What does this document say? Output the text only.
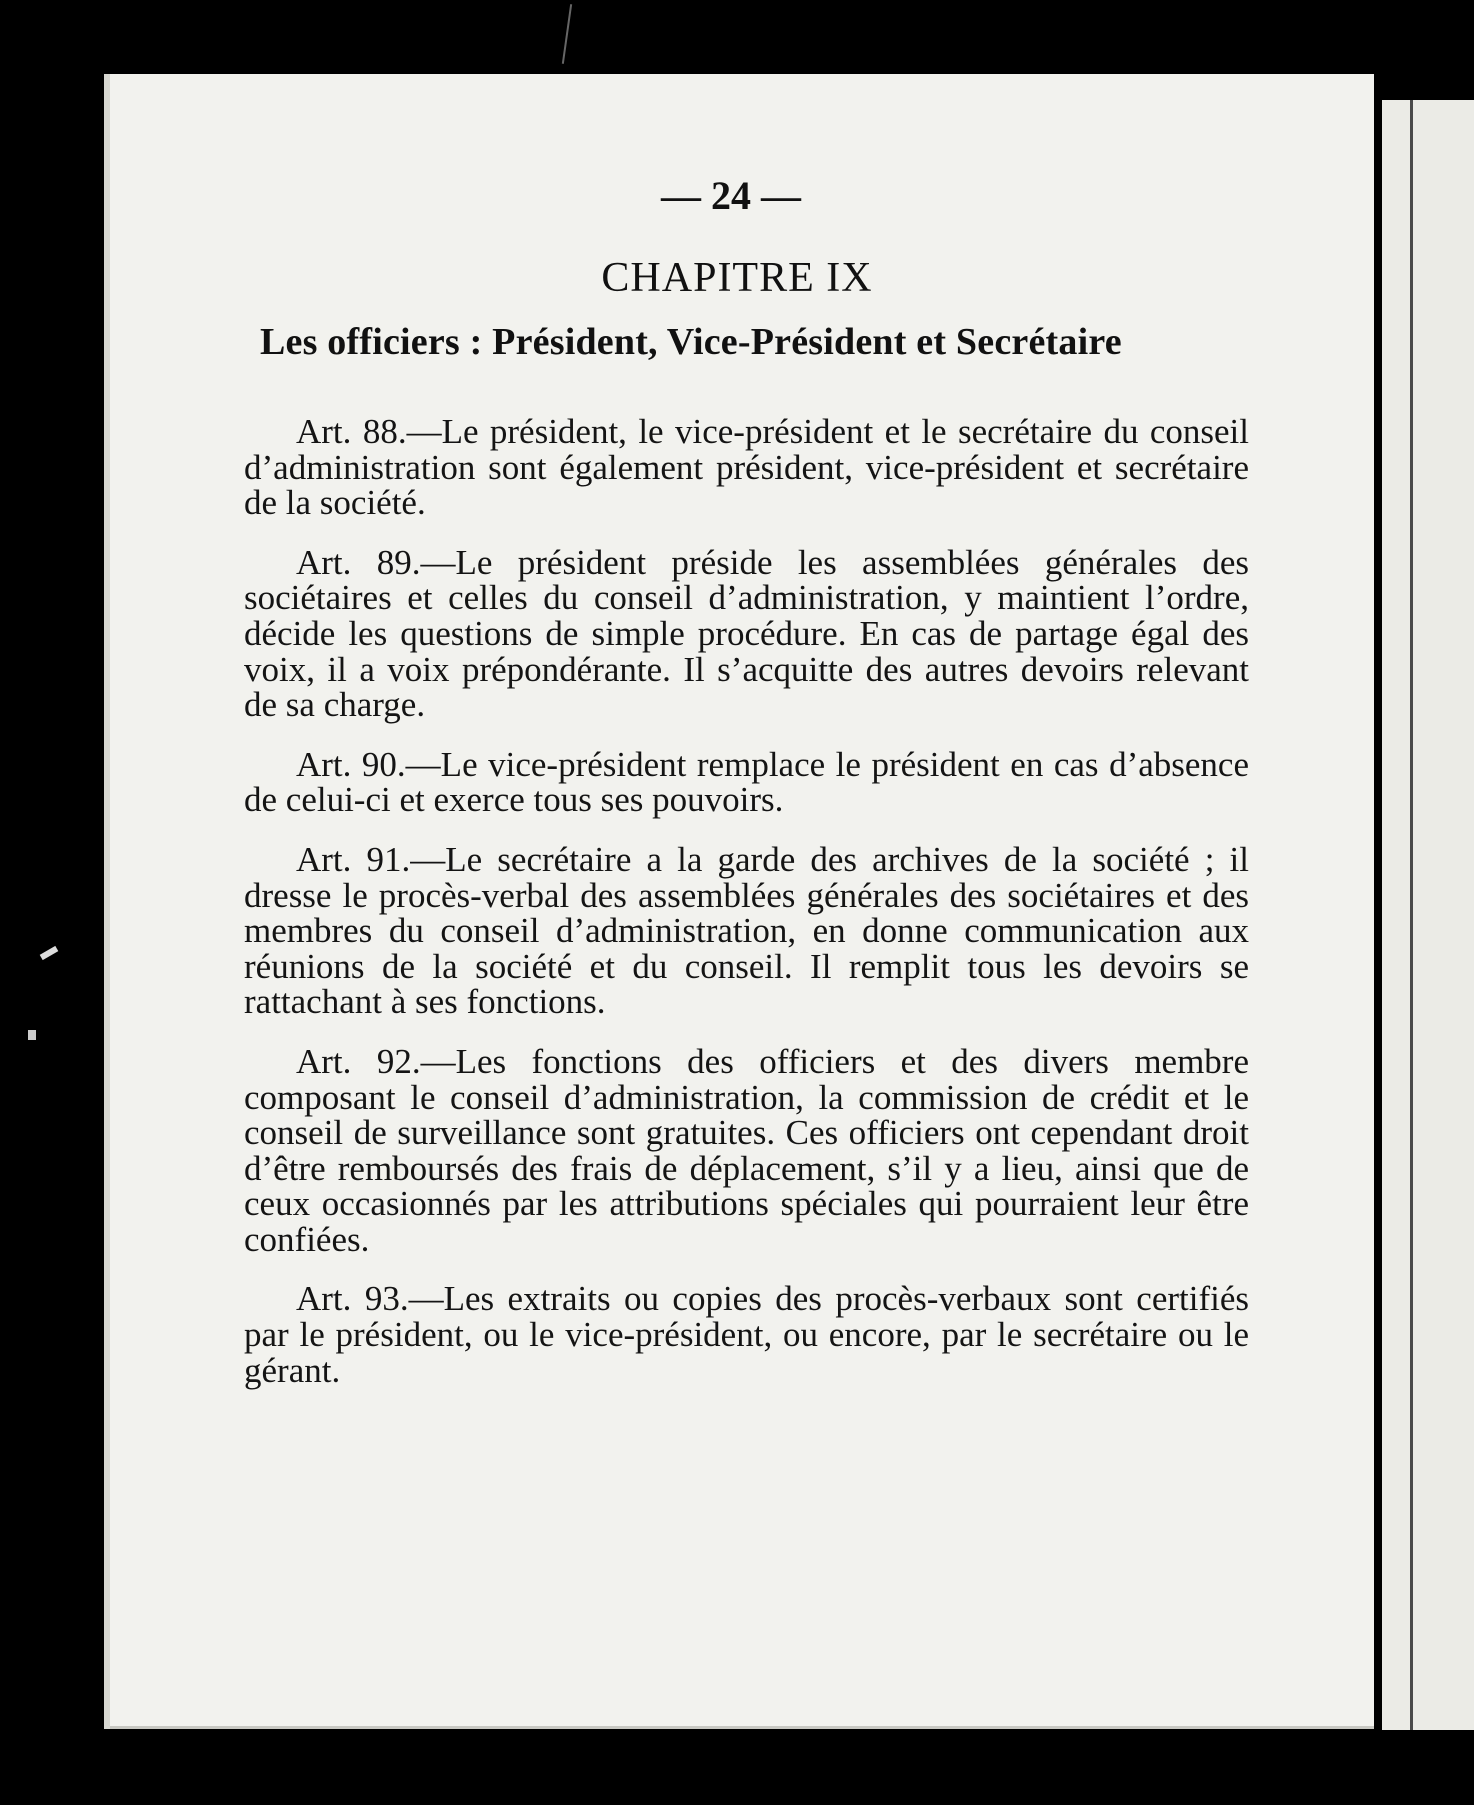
— 24 —
CHAPITRE IX
Les officiers : Président, Vice-Président et Secrétaire

Art. 88.—Le président, le vice-président et le secrétaire du conseil d’administration sont également président, vice-président et secrétaire de la société.

Art. 89.—Le président préside les assemblées générales des sociétaires et celles du conseil d’administration, y maintient l’ordre, décide les questions de simple procédure. En cas de partage égal des voix, il a voix prépondérante. Il s’acquitte des autres devoirs relevant de sa charge.

Art. 90.—Le vice-président remplace le président en cas d’absence de celui-ci et exerce tous ses pouvoirs.

Art. 91.—Le secrétaire a la garde des archives de la société ; il dresse le procès-verbal des assemblées générales des sociétaires et des membres du conseil d’administration, en donne communication aux réunions de la société et du conseil. Il remplit tous les devoirs se rattachant à ses fonctions.

Art. 92.—Les fonctions des officiers et des divers membre composant le conseil d’administration, la commission de crédit et le conseil de surveillance sont gratuites. Ces officiers ont cependant droit d’être remboursés des frais de déplacement, s’il y a lieu, ainsi que de ceux occasionnés par les attributions spéciales qui pourraient leur être confiées.

Art. 93.—Les extraits ou copies des procès-verbaux sont certifiés par le président, ou le vice-président, ou encore, par le secrétaire ou le gérant.
